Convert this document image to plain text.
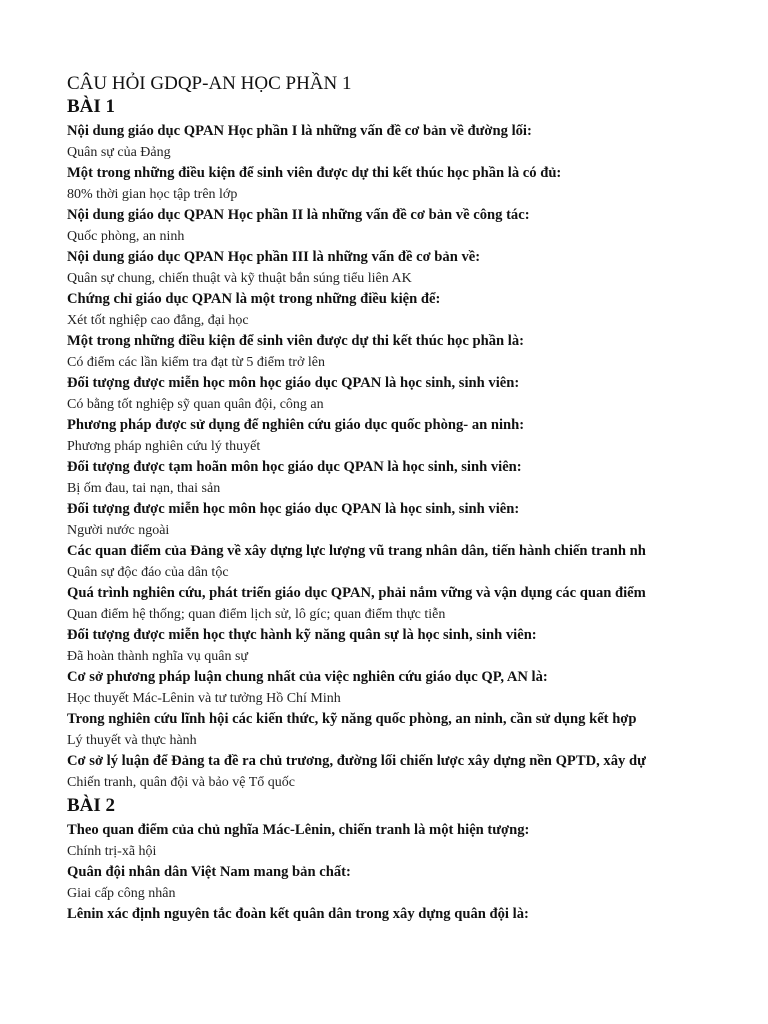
CÂU HỎI GDQP-AN HỌC PHẦN 1
BÀI 1
Nội dung giáo dục QPAN Học phần I là những vấn đề cơ bản về đường lối:
Quân sự của Đảng
Một trong những điều kiện để sinh viên được dự thi kết thúc học phần là có đủ:
80% thời gian học tập trên lớp
Nội dung giáo dục QPAN Học phần II là những vấn đề cơ bản về công tác:
Quốc phòng, an ninh
Nội dung giáo dục QPAN Học phần III là những vấn đề cơ bản về:
Quân sự chung, chiến thuật và kỹ thuật bắn súng tiểu liên AK
Chứng chỉ giáo dục QPAN là một trong những điều kiện để:
Xét tốt nghiệp cao đẳng, đại học
Một trong những điều kiện để sinh viên được dự thi kết thúc học phần là:
Có điểm các lần kiểm tra đạt từ 5 điểm trở lên
Đối tượng được miễn học môn học giáo dục QPAN là học sinh, sinh viên:
Có bằng tốt nghiệp sỹ quan quân đội, công an
Phương pháp được sử dụng để nghiên cứu giáo dục quốc phòng- an ninh:
Phương pháp nghiên cứu lý thuyết
Đối tượng được tạm hoãn môn học giáo dục QPAN là học sinh, sinh viên:
Bị ốm đau, tai nạn, thai sản
Đối tượng được miễn học môn học giáo dục QPAN là học sinh, sinh viên:
Người nước ngoài
Các quan điểm của Đảng về xây dựng lực lượng vũ trang nhân dân, tiến hành chiến tranh nh
Quân sự độc đáo của dân tộc
Quá trình nghiên cứu, phát triển giáo dục QPAN, phải nắm vững và vận dụng các quan điểm
Quan điểm hệ thống; quan điểm lịch sử, lô gíc; quan điểm thực tiễn
Đối tượng được miễn học thực hành kỹ năng quân sự là học sinh, sinh viên:
Đã hoàn thành nghĩa vụ quân sự
Cơ sở phương pháp luận chung nhất của việc nghiên cứu giáo dục QP, AN là:
Học thuyết Mác-Lênin và tư tưởng Hồ Chí Minh
Trong nghiên cứu lĩnh hội các kiến thức, kỹ năng quốc phòng, an ninh, cần sử dụng kết hợp
Lý thuyết và thực hành
Cơ sở lý luận để Đảng ta đề ra chủ trương, đường lối chiến lược xây dựng nền QPTD, xây dự
Chiến tranh, quân đội và bảo vệ Tổ quốc
BÀI 2
Theo quan điểm của chủ nghĩa Mác-Lênin, chiến tranh là một hiện tượng:
Chính trị-xã hội
Quân đội nhân dân Việt Nam mang bản chất:
Giai cấp công nhân
Lênin xác định nguyên tắc đoàn kết quân dân trong xây dựng quân đội là:
